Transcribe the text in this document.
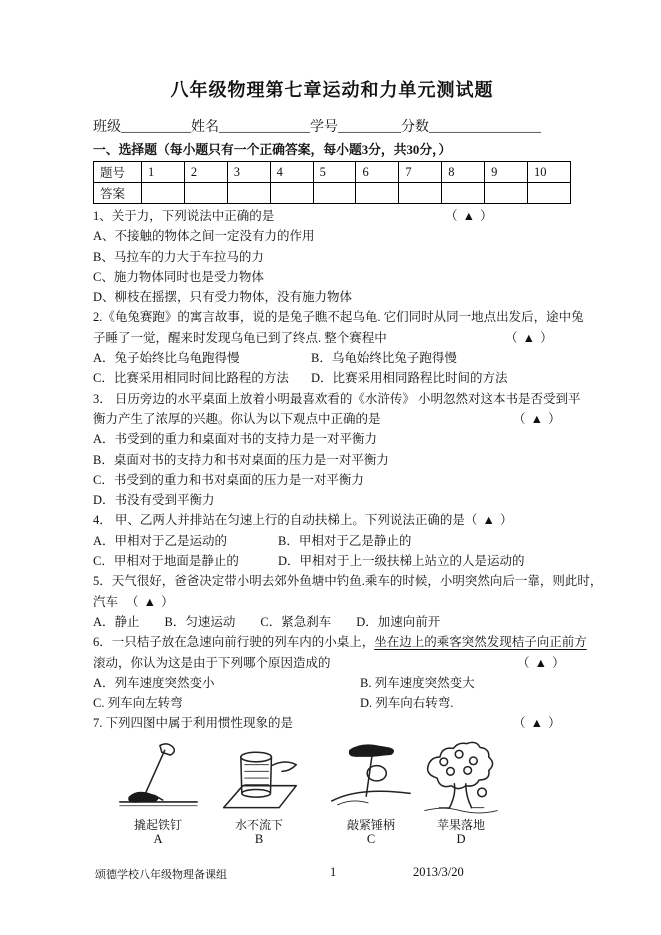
八年级物理第七章运动和力单元测试题
班级__________姓名_____________学号_________分数________________
一、选择题（每小题只有一个正确答案，每小题3分，共30分，）
题号	1	2	3	4	5	6	7	8	9	10
答案										
1、关于力，下列说法中正确的是	（ ▲ ）
A、不接触的物体之间一定没有力的作用
B、马拉车的力大于车拉马的力
C、施力物体同时也是受力物体
D、柳枝在摇摆，只有受力物体，没有施力物体
2.《龟兔赛跑》的寓言故事，说的是兔子瞧不起乌龟. 它们同时从同一地点出发后，途中兔
子睡了一觉，醒来时发现乌龟已到了终点. 整个赛程中	（ ▲ ）
A．兔子始终比乌龟跑得慢	B．乌龟始终比兔子跑得慢
C．比赛采用相同时间比路程的方法 D．比赛采用相同路程比时间的方法
3． 日历旁边的水平桌面上放着小明最喜欢看的《水浒传》 小明忽然对这本书是否受到平
衡力产生了浓厚的兴趣。你认为以下观点中正确的是	（ ▲ ）
A．书受到的重力和桌面对书的支持力是一对平衡力
B．桌面对书的支持力和书对桌面的压力是一对平衡力
C．书受到的重力和书对桌面的压力是一对平衡力
D．书没有受到平衡力
4． 甲、乙两人并排站在匀速上行的自动扶梯上。下列说法正确的是（ ▲ ）
A．甲相对于乙是运动的	B．甲相对于乙是静止的
C．甲相对于地面是静止的	D．甲相对于上一级扶梯上站立的人是运动的
5．天气很好，爸爸决定带小明去郊外鱼塘中钓鱼.乘车的时候，小明突然向后一靠，则此时，
汽车 （ ▲ ）
A．静止　　B．匀速运动　　C．紧急刹车　　D．加速向前开
6．一只桔子放在急速向前行驶的列车内的小桌上，坐在边上的乘客突然发现桔子向正前方
滚动，你认为这是由于下列哪个原因造成的	（ ▲ ）
A．列车速度突然变小	B. 列车速度突然变大
C. 列车向左转弯	D. 列车向右转弯.
7. 下列四图中属于利用惯性现象的是	（ ▲ ）
撬起铁钉
A
水不流下
B
敲紧锤柄
C
苹果落地
D
颂德学校八年级物理备课组	1	2013/3/20
